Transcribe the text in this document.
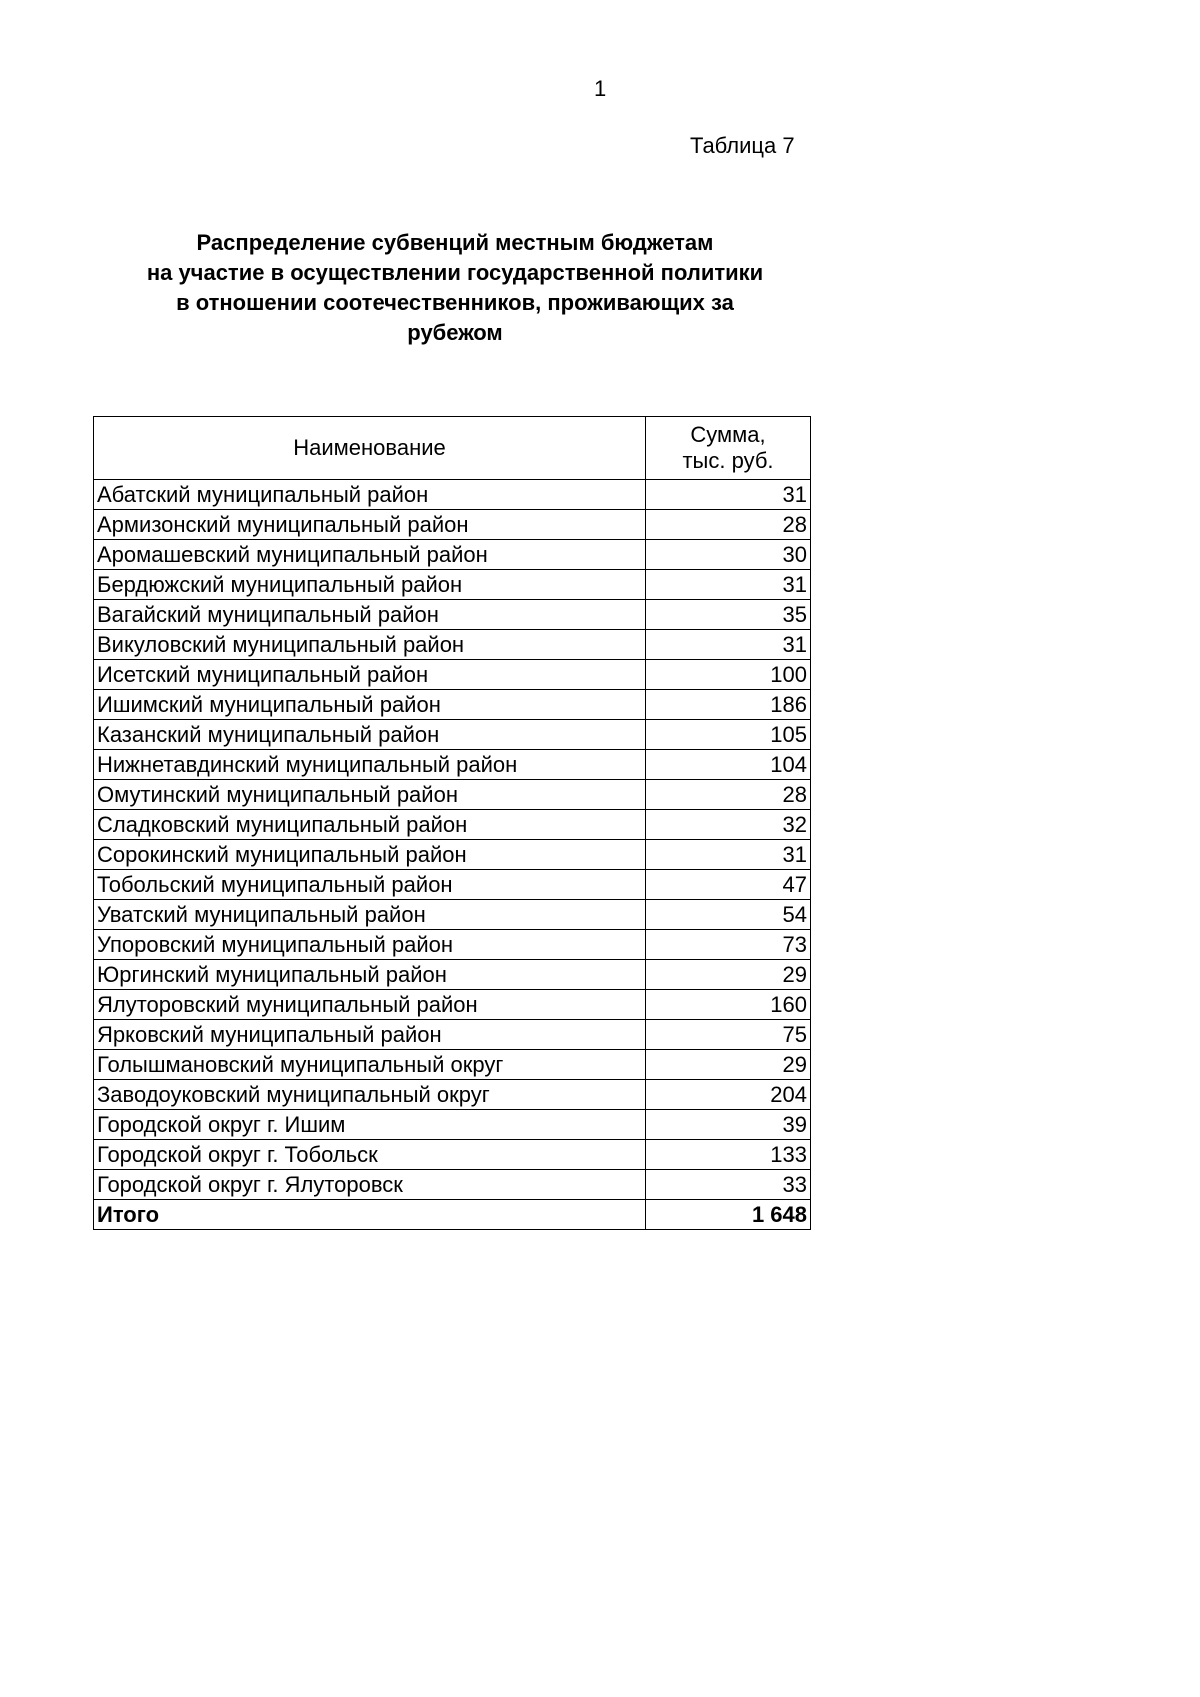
1
Таблица 7
Распределение субвенций местным бюджетам
на участие в осуществлении государственной политики
в отношении соотечественников, проживающих за
рубежом
Наименование	Сумма,
тыс. руб.

Абатский муниципальный район	31
Армизонский муниципальный район	28
Аромашевский муниципальный район	30
Бердюжский муниципальный район	31
Вагайский муниципальный район	35
Викуловский муниципальный район	31
Исетский муниципальный район	100
Ишимский муниципальный район	186
Казанский муниципальный район	105
Нижнетавдинский муниципальный район	104
Омутинский муниципальный район	28
Сладковский муниципальный район	32
Сорокинский муниципальный район	31
Тобольский муниципальный район	47
Уватский муниципальный район	54
Упоровский муниципальный район	73
Юргинский муниципальный район	29
Ялуторовский муниципальный район	160
Ярковский муниципальный район	75
Голышмановский муниципальный округ	29
Заводоуковский муниципальный округ	204
Городской округ г. Ишим	39
Городской округ г. Тобольск	133
Городской округ г. Ялуторовск	33
Итого	1 648
